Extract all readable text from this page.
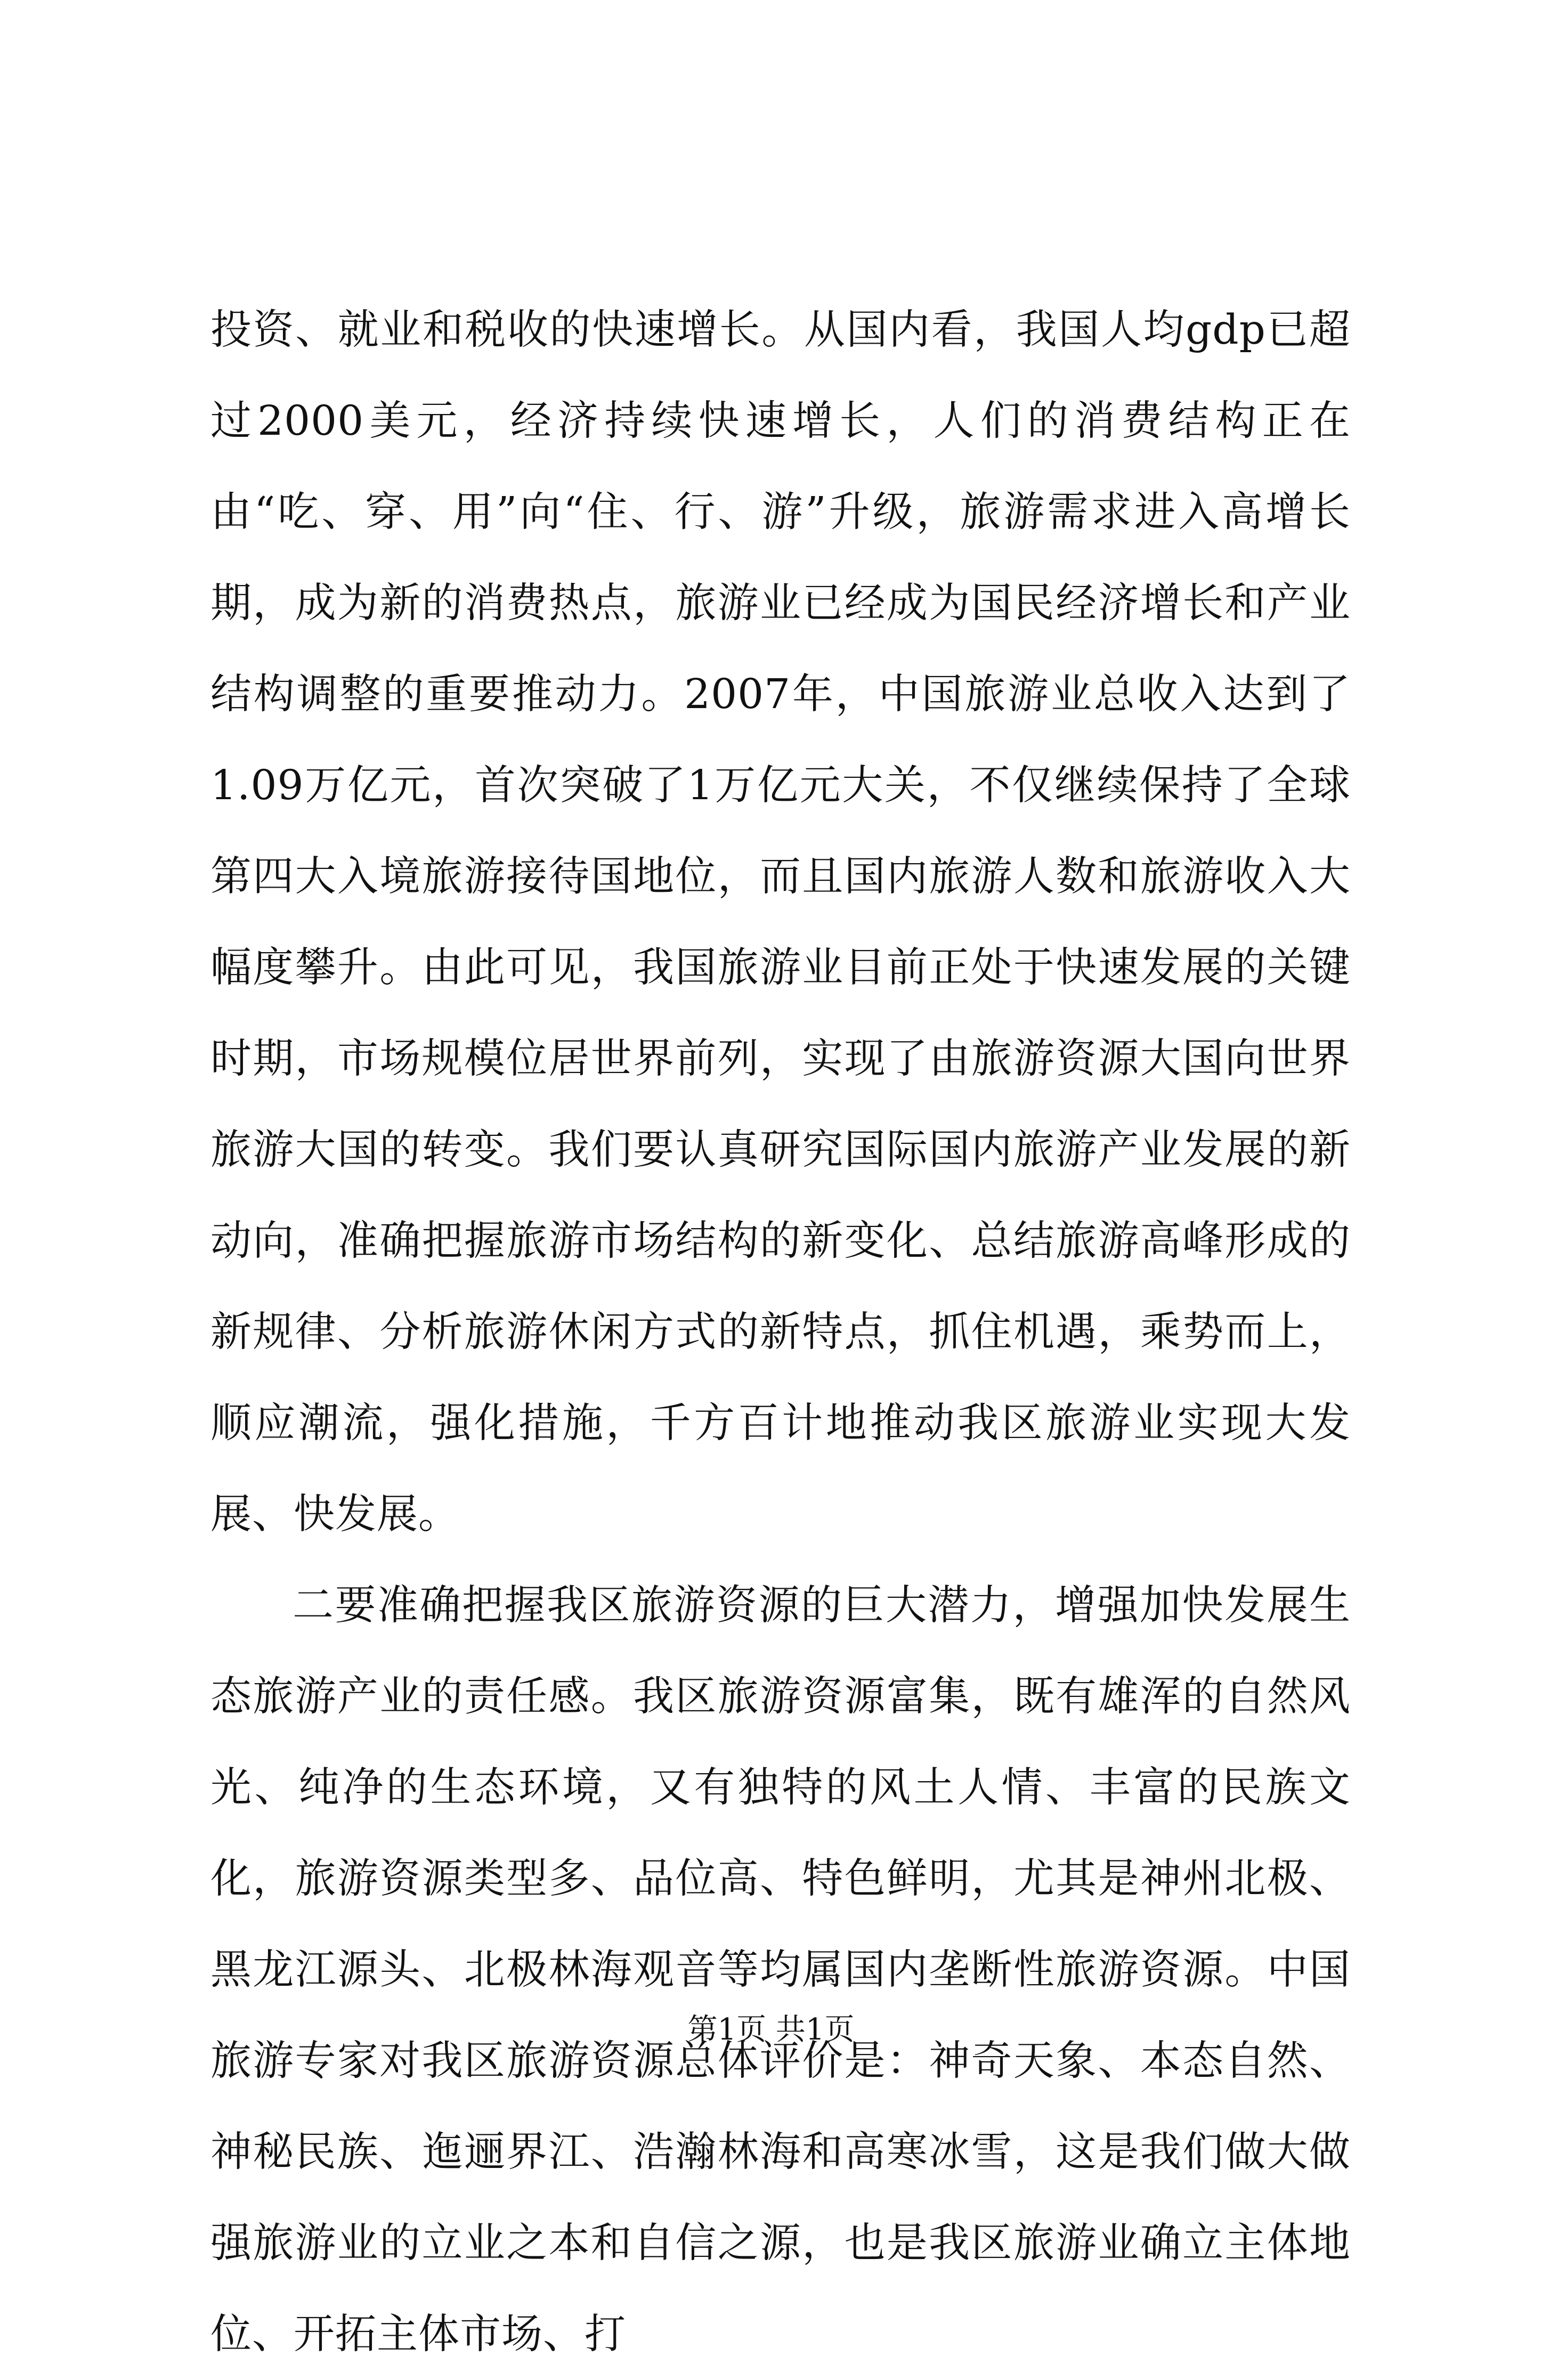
投资、就业和税收的快速增长。从国内看，我国人均gdp已超过2000美元，经济持续快速增长，人们的消费结构正在由“吃、穿、用”向“住、行、游”升级，旅游需求进入高增长期，成为新的消费热点，旅游业已经成为国民经济增长和产业结构调整的重要推动力。2007年，中国旅游业总收入达到了1.09万亿元，首次突破了1万亿元大关，不仅继续保持了全球第四大入境旅游接待国地位，而且国内旅游人数和旅游收入大幅度攀升。由此可见，我国旅游业目前正处于快速发展的关键时期，市场规模位居世界前列，实现了由旅游资源大国向世界旅游大国的转变。我们要认真研究国际国内旅游产业发展的新动向，准确把握旅游市场结构的新变化、总结旅游高峰形成的新规律、分析旅游休闲方式的新特点，抓住机遇，乘势而上，顺应潮流，强化措施，千方百计地推动我区旅游业实现大发展、快发展。

二要准确把握我区旅游资源的巨大潜力，增强加快发展生态旅游产业的责任感。我区旅游资源富集，既有雄浑的自然风光、纯净的生态环境，又有独特的风土人情、丰富的民族文化，旅游资源类型多、品位高、特色鲜明，尤其是神州北极、黑龙江源头、北极林海观音等均属国内垄断性旅游资源。中国旅游专家对我区旅游资源总体评价是：神奇天象、本态自然、神秘民族、迤逦界江、浩瀚林海和高寒冰雪，这是我们做大做强旅游业的立业之本和自信之源，也是我区旅游业确立主体地位、开拓主体市场、打

第1页 共1页
